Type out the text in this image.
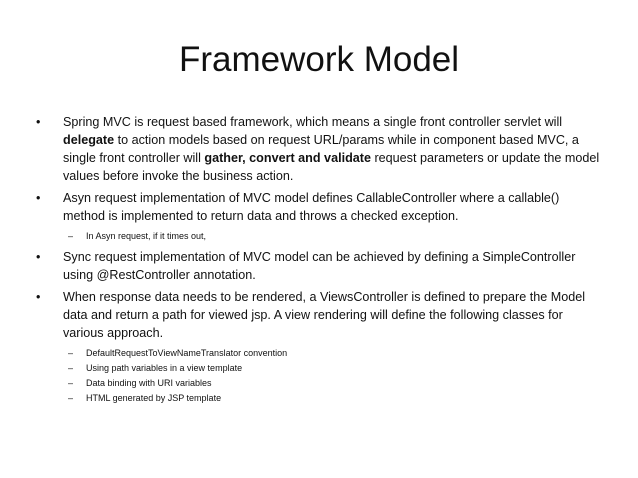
Framework Model
•	Spring MVC is request based framework, which means a single front controller servlet will delegate to action models based on request URL/params while in component based MVC, a single front controller will gather, convert and validate request parameters or update the model values before invoke the business action.
•	Asyn request implementation of MVC model defines CallableController where a callable() method is implemented to return data and throws a checked exception.
–	In Asyn request, if it times out,
•	Sync request implementation of MVC model can be achieved by defining a SimpleController using @RestController annotation.
•	When response data needs to be rendered, a ViewsController is defined to prepare the Model data and return a path for viewed jsp. A view rendering will define the following classes for various approach.
–	DefaultRequestToViewNameTranslator convention
–	Using path variables in a view template
–	Data binding with URI variables
–	HTML generated by JSP template
